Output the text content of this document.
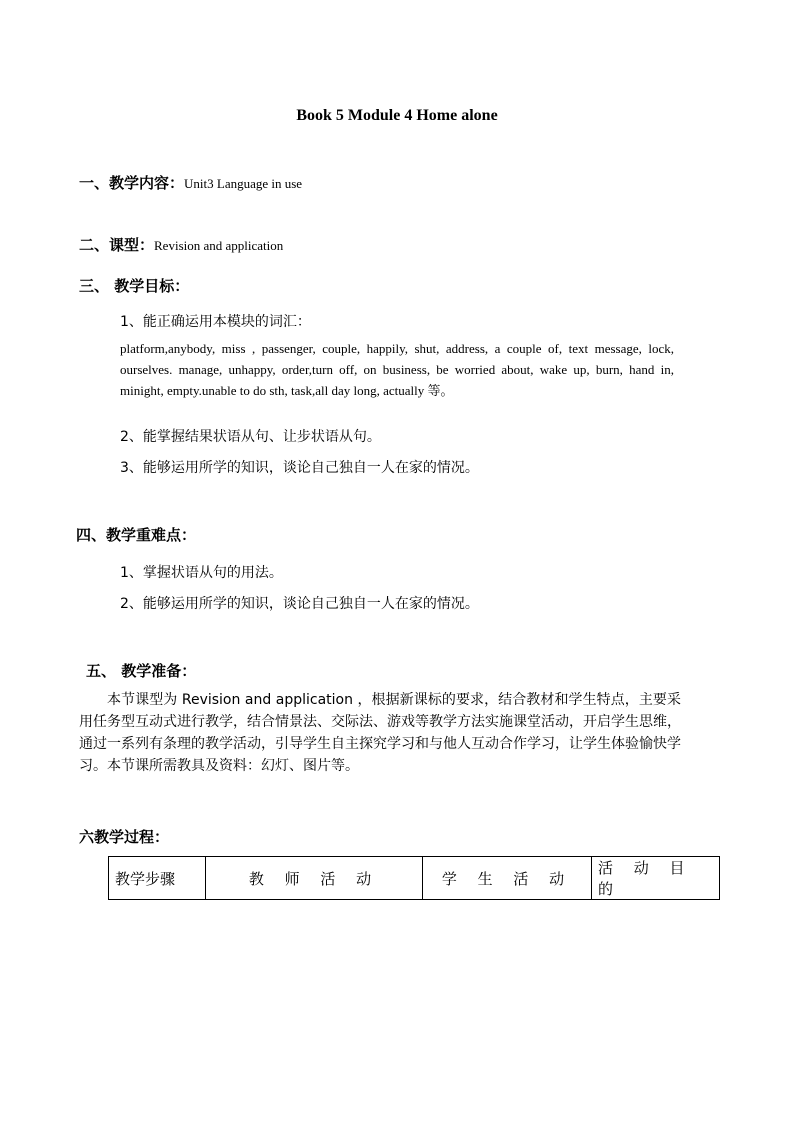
Book 5 Module 4 Home alone
一、教学内容：Unit3 Language in use
二、课型：Revision and application
三、 教学目标：
1、能正确运用本模块的词汇：
platform,anybody, miss , passenger, couple, happily, shut, address, a couple of, text message, lock, ourselves. manage, unhappy, order,turn off, on business, be worried about, wake up, burn, hand in, minight, empty.unable to do sth, task,all day long, actually 等。
2、能掌握结果状语从句、让步状语从句。
3、能够运用所学的知识，谈论自己独自一人在家的情况。
四、教学重难点：
1、掌握状语从句的用法。
2、能够运用所学的知识，谈论自己独自一人在家的情况。
五、 教学准备：
本节课型为 Revision and application ，根据新课标的要求，结合教材和学生特点，主要采用任务型互动式进行教学，结合情景法、交际法、游戏等教学方法实施课堂活动，开启学生思维，通过一系列有条理的教学活动，引导学生自主探究学习和与他人互动合作学习，让学生体验愉快学习。本节课所需教具及资料：幻灯、图片等。
六教学过程：
教学步骤	教 师 活 动	学 生 活 动	活 动 目 的
